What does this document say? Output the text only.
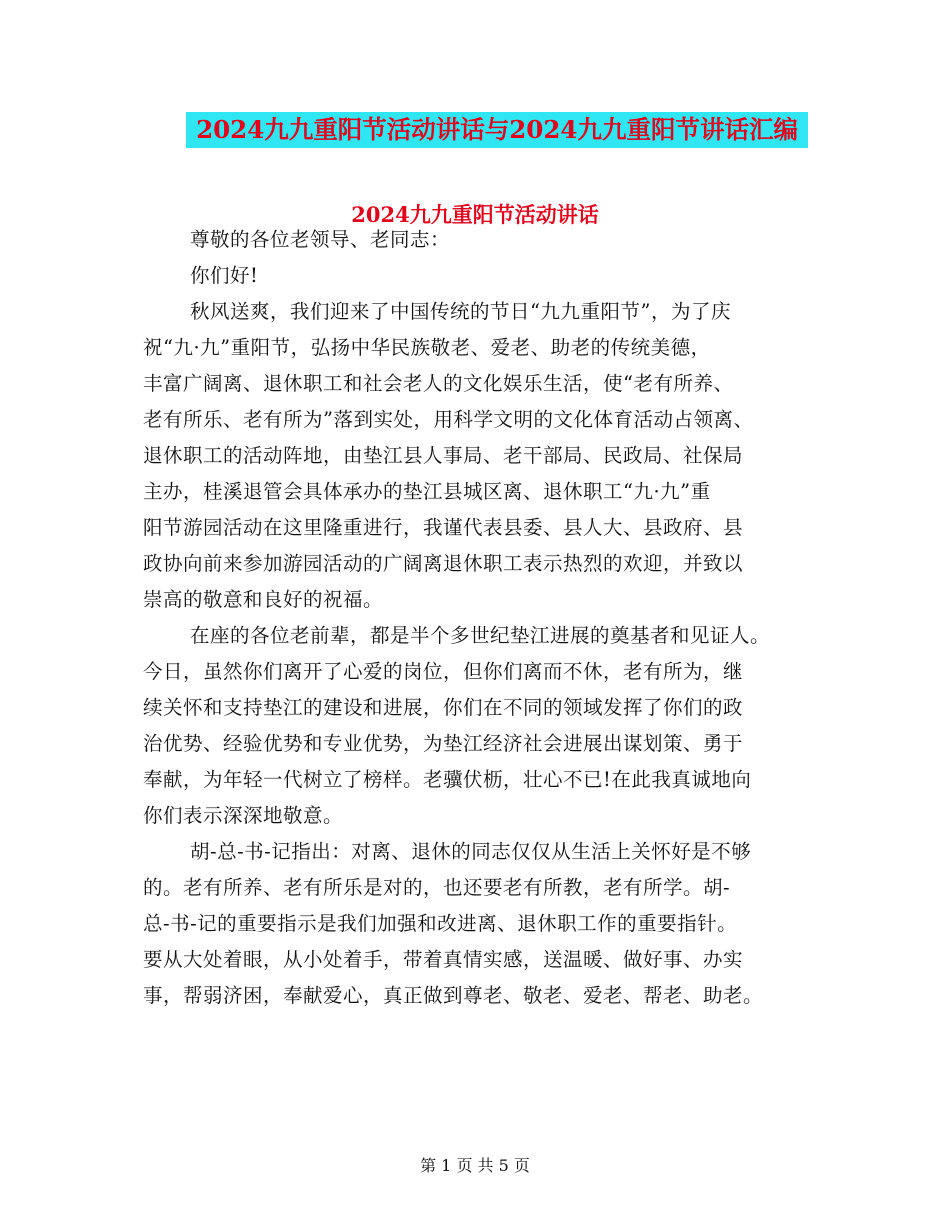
2024九九重阳节活动讲话与2024九九重阳节讲话汇编
2024九九重阳节活动讲话
尊敬的各位老领导、老同志：
你们好!
秋风送爽，我们迎来了中国传统的节日“九九重阳节”，为了庆
祝“九·九”重阳节，弘扬中华民族敬老、爱老、助老的传统美德，
丰富广阔离、退休职工和社会老人的文化娱乐生活，使“老有所养、
老有所乐、老有所为”落到实处，用科学文明的文化体育活动占领离、
退休职工的活动阵地，由垫江县人事局、老干部局、民政局、社保局
主办，桂溪退管会具体承办的垫江县城区离、退休职工“九·九”重
阳节游园活动在这里隆重进行，我谨代表县委、县人大、县政府、县
政协向前来参加游园活动的广阔离退休职工表示热烈的欢迎，并致以
崇高的敬意和良好的祝福。
在座的各位老前辈，都是半个多世纪垫江进展的奠基者和见证人。
今日，虽然你们离开了心爱的岗位，但你们离而不休，老有所为，继
续关怀和支持垫江的建设和进展，你们在不同的领域发挥了你们的政
治优势、经验优势和专业优势，为垫江经济社会进展出谋划策、勇于
奉献，为年轻一代树立了榜样。老骥伏枥，壮心不已!在此我真诚地向
你们表示深深地敬意。
胡-总-书-记指出：对离、退休的同志仅仅从生活上关怀好是不够
的。老有所养、老有所乐是对的，也还要老有所教，老有所学。胡-
总-书-记的重要指示是我们加强和改进离、退休职工作的重要指针。
要从大处着眼，从小处着手，带着真情实感，送温暖、做好事、办实
事，帮弱济困，奉献爱心，真正做到尊老、敬老、爱老、帮老、助老。
第 1 页 共 5 页
